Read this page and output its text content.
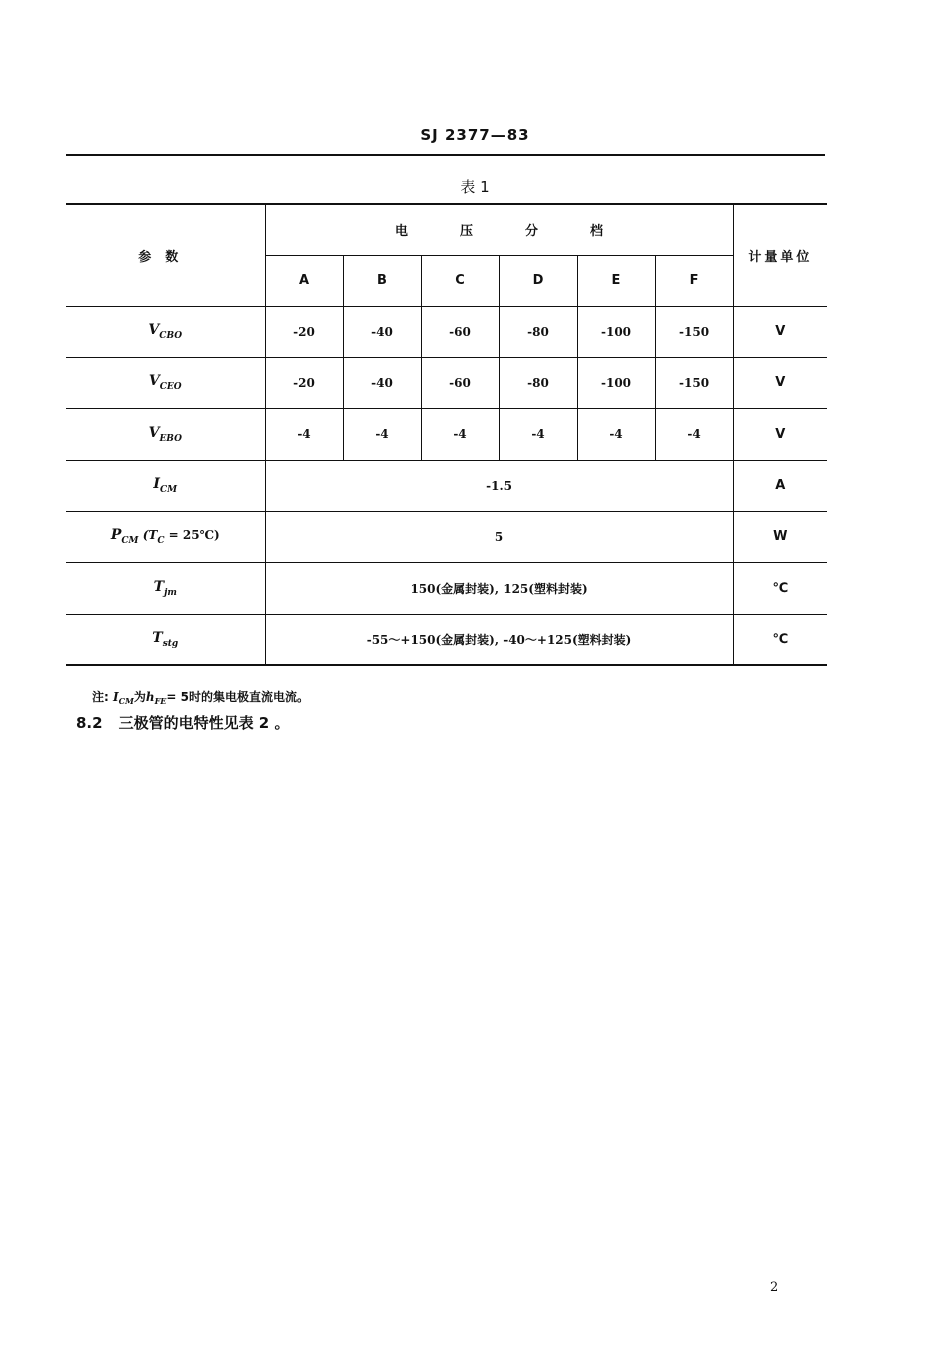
SJ 2377—83
表 1
参数	电压分档						计量单位
	A	B	C	D	E	F	
$V_{CBO}$	-20	-40	-60	-80	-100	-150	V
$V_{CEO}$	-20	-40	-60	-80	-100	-150	V
$V_{EBO}$	-4	-4	-4	-4	-4	-4	V
$I_{CM}$	-1.5						A
$P_{CM}$ ($T_C$ = 25℃)	5						W
$T_{jm}$	150(金属封装), 125(塑料封装)						℃
$T_{stg}$	-55～+150(金属封装), -40～+125(塑料封装)						℃
注: $I_{CM}$为$h_{FE}= 5$时的集电极直流电流。
8.2 三极管的电特性见表 2 。
2
